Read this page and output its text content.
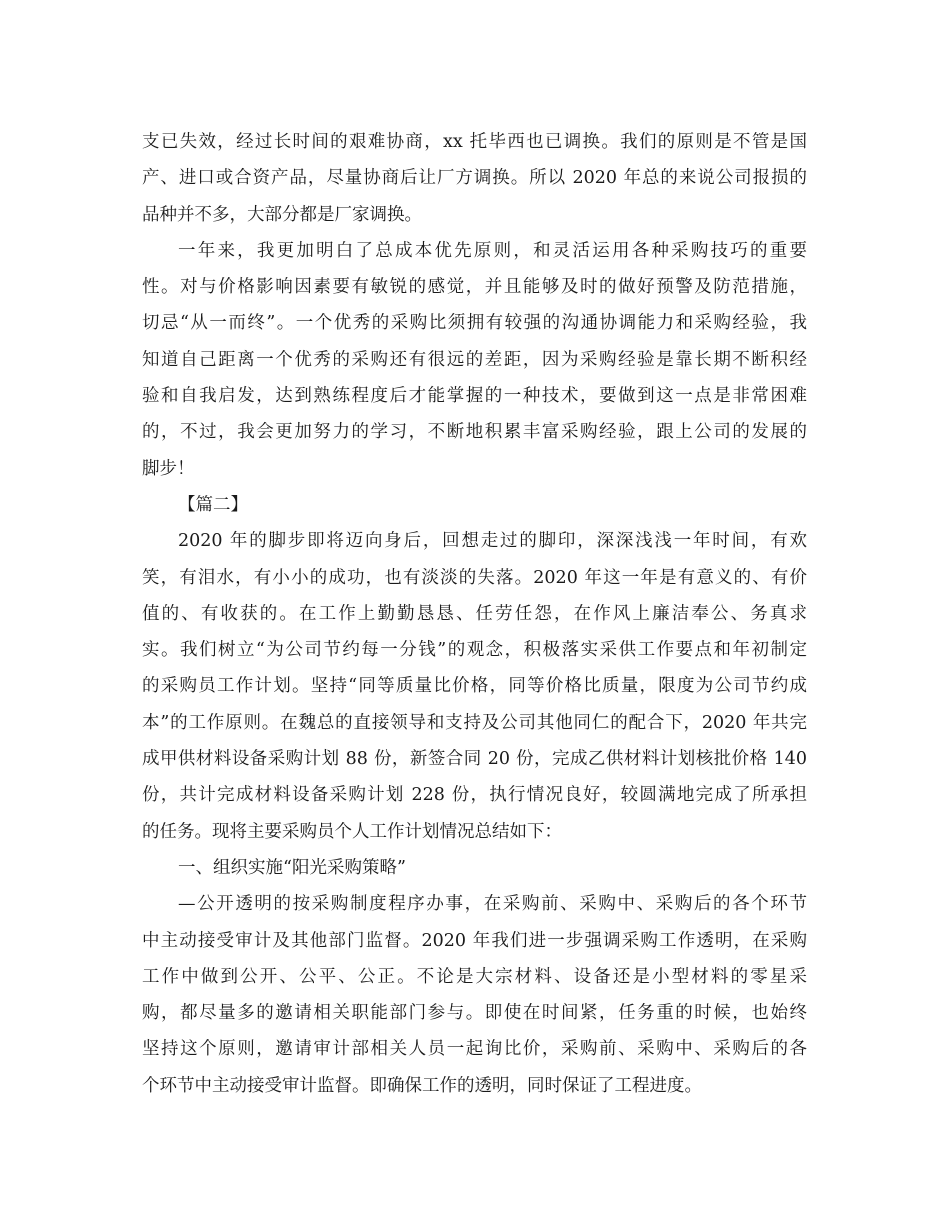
支已失效，经过长时间的艰难协商，xx 托毕西也已调换。我们的原则是不管是国
产、进口或合资产品，尽量协商后让厂方调换。所以 2020 年总的来说公司报损的
品种并不多，大部分都是厂家调换。
一年来，我更加明白了总成本优先原则，和灵活运用各种采购技巧的重要
性。对与价格影响因素要有敏锐的感觉，并且能够及时的做好预警及防范措施，
切忌“从一而终”。一个优秀的采购比须拥有较强的沟通协调能力和采购经验，我
知道自己距离一个优秀的采购还有很远的差距，因为采购经验是靠长期不断积经
验和自我启发，达到熟练程度后才能掌握的一种技术，要做到这一点是非常困难
的，不过，我会更加努力的学习，不断地积累丰富采购经验，跟上公司的发展的
脚步！
【篇二】
2020 年的脚步即将迈向身后，回想走过的脚印，深深浅浅一年时间，有欢
笑，有泪水，有小小的成功，也有淡淡的失落。2020 年这一年是有意义的、有价
值的、有收获的。在工作上勤勤恳恳、任劳任怨，在作风上廉洁奉公、务真求
实。我们树立“为公司节约每一分钱”的观念，积极落实采供工作要点和年初制定
的采购员工作计划。坚持“同等质量比价格，同等价格比质量，限度为公司节约成
本”的工作原则。在魏总的直接领导和支持及公司其他同仁的配合下，2020 年共完
成甲供材料设备采购计划 88 份，新签合同 20 份，完成乙供材料计划核批价格 140
份，共计完成材料设备采购计划 228 份，执行情况良好，较圆满地完成了所承担
的任务。现将主要采购员个人工作计划情况总结如下：
一、组织实施“阳光采购策略”
—公开透明的按采购制度程序办事，在采购前、采购中、采购后的各个环节
中主动接受审计及其他部门监督。2020 年我们进一步强调采购工作透明，在采购
工作中做到公开、公平、公正。不论是大宗材料、设备还是小型材料的零星采
购，都尽量多的邀请相关职能部门参与。即使在时间紧，任务重的时候，也始终
坚持这个原则，邀请审计部相关人员一起询比价，采购前、采购中、采购后的各
个环节中主动接受审计监督。即确保工作的透明，同时保证了工程进度。
